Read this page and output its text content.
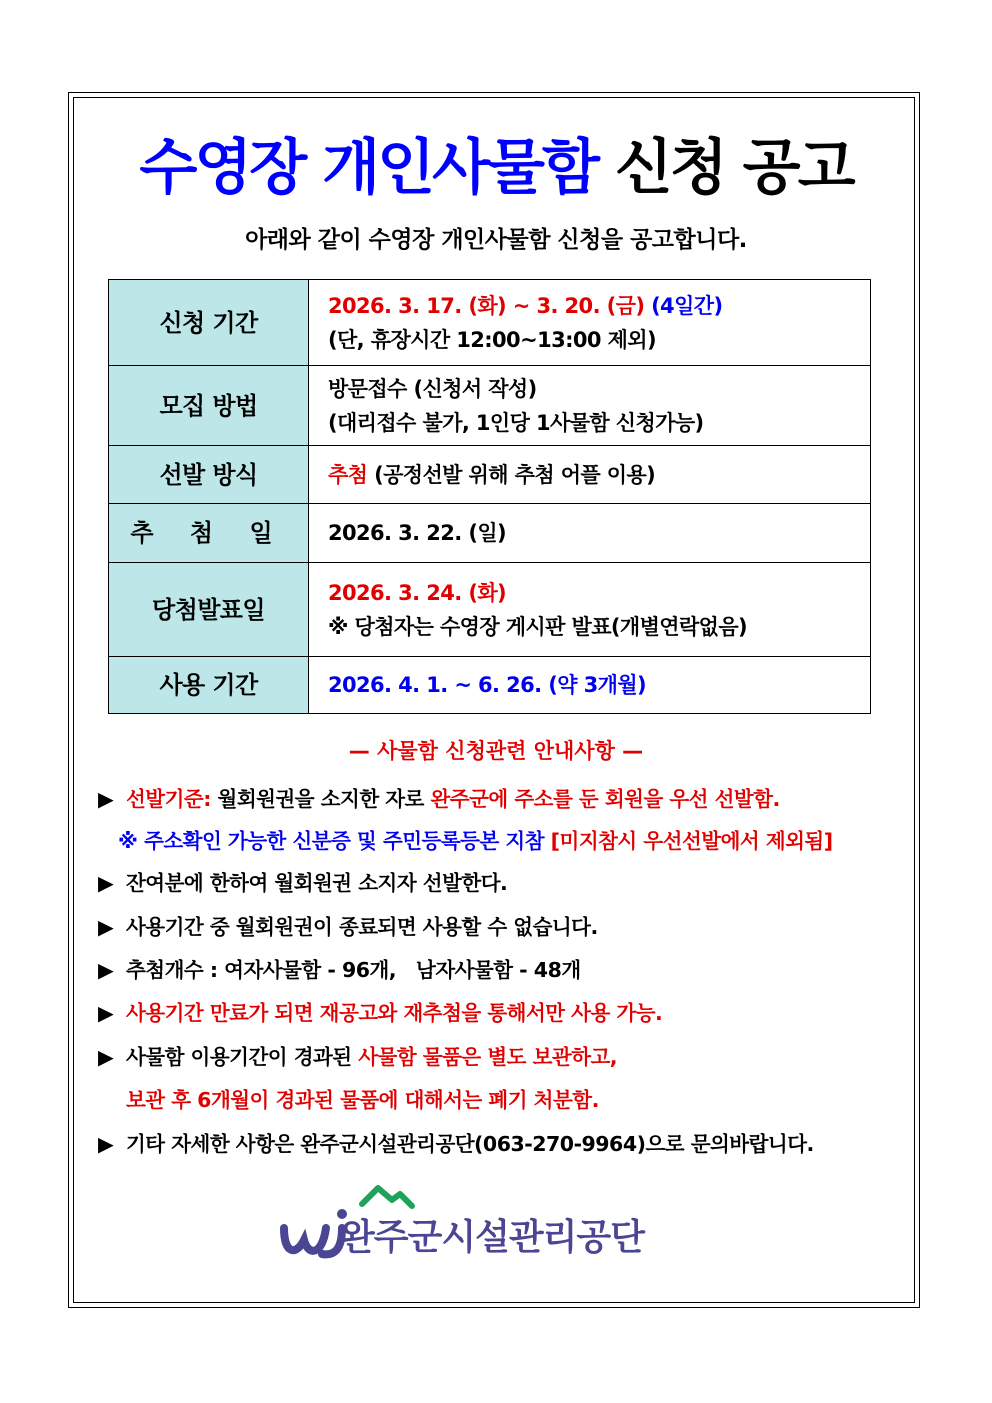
수영장 개인사물함 신청 공고
아래와 같이 수영장 개인사물함 신청을 공고합니다.
신청 기간	2026. 3. 17. (화) ~ 3. 20. (금) (4일간)
(단, 휴장시간 12:00~13:00 제외)

모집 방법	방문접수 (신청서 작성)
(대리접수 불가, 1인당 1사물함 신청가능)

선발 방식	추첨 (공정선발 위해 추첨 어플 이용)
추 첨 일	2026. 3. 22. (일)
당첨발표일	2026. 3. 24. (화)
※ 당첨자는 수영장 게시판 발표(개별연락없음)

사용 기간	2026. 4. 1. ~ 6. 26. (약 3개월)
— 사물함 신청관련 안내사항 —
▶ 선발기준: 월회원권을 소지한 자로 완주군에 주소를 둔 회원을 우선 선발함.
※ 주소확인 가능한 신분증 및 주민등록등본 지참 [미지참시 우선선발에서 제외됨]
▶ 잔여분에 한하여 월회원권 소지자 선발한다.
▶ 사용기간 중 월회원권이 종료되면 사용할 수 없습니다.
▶ 추첨개수 : 여자사물함 - 96개,   남자사물함 - 48개
▶ 사용기간 만료가 되면 재공고와 재추첨을 통해서만 사용 가능.
▶ 사물함 이용기간이 경과된 사물함 물품은 별도 보관하고,
보관 후 6개월이 경과된 물품에 대해서는 폐기 처분함.
▶ 기타 자세한 사항은 완주군시설관리공단(063-270-9964)으로 문의바랍니다.
완주군시설관리공단
